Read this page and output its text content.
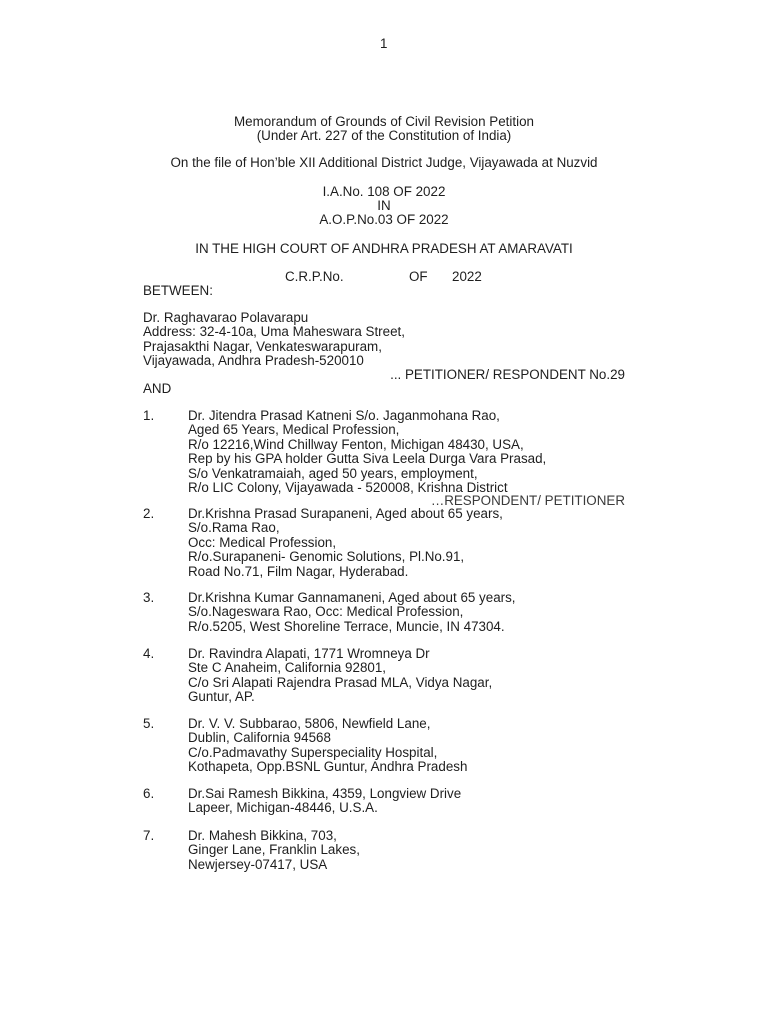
1
Memorandum of Grounds of Civil Revision Petition
(Under Art. 227 of the Constitution of India)
On the file of Hon’ble XII Additional District Judge, Vijayawada at Nuzvid
I.A.No. 108 OF 2022
IN
A.O.P.No.03 OF 2022
IN THE HIGH COURT OF ANDHRA PRADESH AT AMARAVATI
C.R.P.No.	OF 2022
BETWEEN:
Dr. Raghavarao Polavarapu
Address: 32-4-10a, Uma Maheswara Street,
Prajasakthi Nagar, Venkateswarapuram,
Vijayawada, Andhra Pradesh-520010
... PETITIONER/ RESPONDENT No.29
AND
1.	Dr. Jitendra Prasad Katneni S/o. Jaganmohana Rao,
Aged 65 Years, Medical Profession,
R/o 12216,Wind Chillway Fenton, Michigan 48430, USA,
Rep by his GPA holder Gutta Siva Leela Durga Vara Prasad,
S/o Venkatramaiah, aged 50 years, employment,
R/o LIC Colony, Vijayawada - 520008, Krishna District
…RESPONDENT/ PETITIONER
2.	Dr.Krishna Prasad Surapaneni, Aged about 65 years,
S/o.Rama Rao,
Occ: Medical Profession,
R/o.Surapaneni- Genomic Solutions, Pl.No.91,
Road No.71, Film Nagar, Hyderabad.
3.	Dr.Krishna Kumar Gannamaneni, Aged about 65 years,
S/o.Nageswara Rao, Occ: Medical Profession,
R/o.5205, West Shoreline Terrace, Muncie, IN 47304.
4.	Dr. Ravindra Alapati, 1771 Wromneya Dr
Ste C Anaheim, California 92801,
C/o Sri Alapati Rajendra Prasad MLA, Vidya Nagar,
Guntur, AP.
5.	Dr. V. V. Subbarao, 5806, Newfield Lane,
Dublin, California 94568
C/o.Padmavathy Superspeciality Hospital,
Kothapeta, Opp.BSNL Guntur, Andhra Pradesh
6.	Dr.Sai Ramesh Bikkina, 4359, Longview Drive
Lapeer, Michigan-48446, U.S.A.
7.	Dr. Mahesh Bikkina, 703,
Ginger Lane, Franklin Lakes,
Newjersey-07417, USA
